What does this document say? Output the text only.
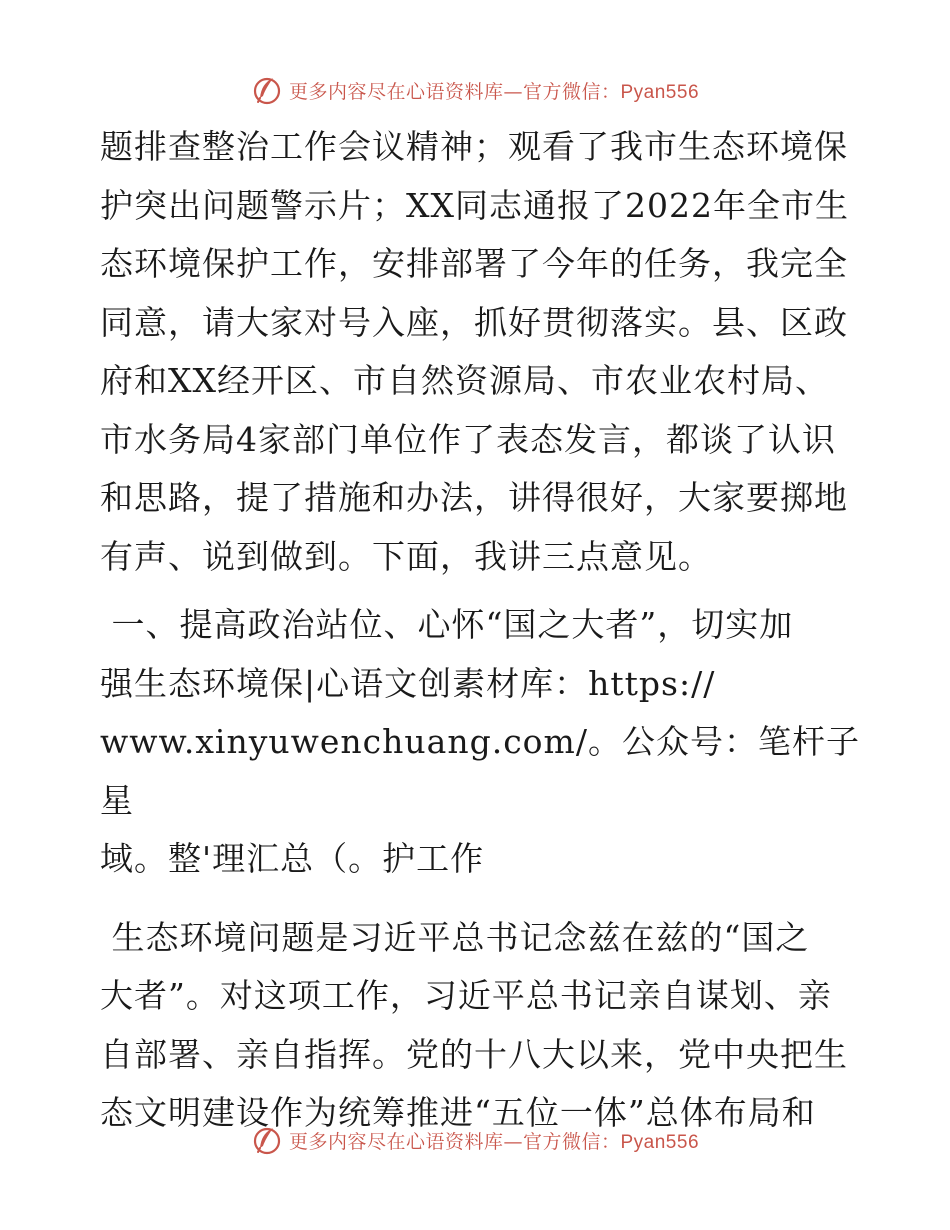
更多内容尽在心语资料库—官方微信：Pyan556

题排查整治工作会议精神；观看了我市生态环境保
护突出问题警示片；XX同志通报了2022年全市生
态环境保护工作，安排部署了今年的任务，我完全
同意，请大家对号入座，抓好贯彻落实。县、区政
府和XX经开区、市自然资源局、市农业农村局、
市水务局4家部门单位作了表态发言，都谈了认识
和思路，提了措施和办法，讲得很好，大家要掷地
有声、说到做到。下面，我讲三点意见。

一、提高政治站位、心怀“国之大者”，切实加
强生态环境保|心语文创素材库：https://
www.xinyuwenchuang.com/。公众号：笔杆子星
域。整'理汇总（。护工作

生态环境问题是习近平总书记念兹在兹的“国之
大者”。对这项工作，习近平总书记亲自谋划、亲
自部署、亲自指挥。党的十八大以来，党中央把生
态文明建设作为统筹推进“五位一体”总体布局和

更多内容尽在心语资料库—官方微信：Pyan556
